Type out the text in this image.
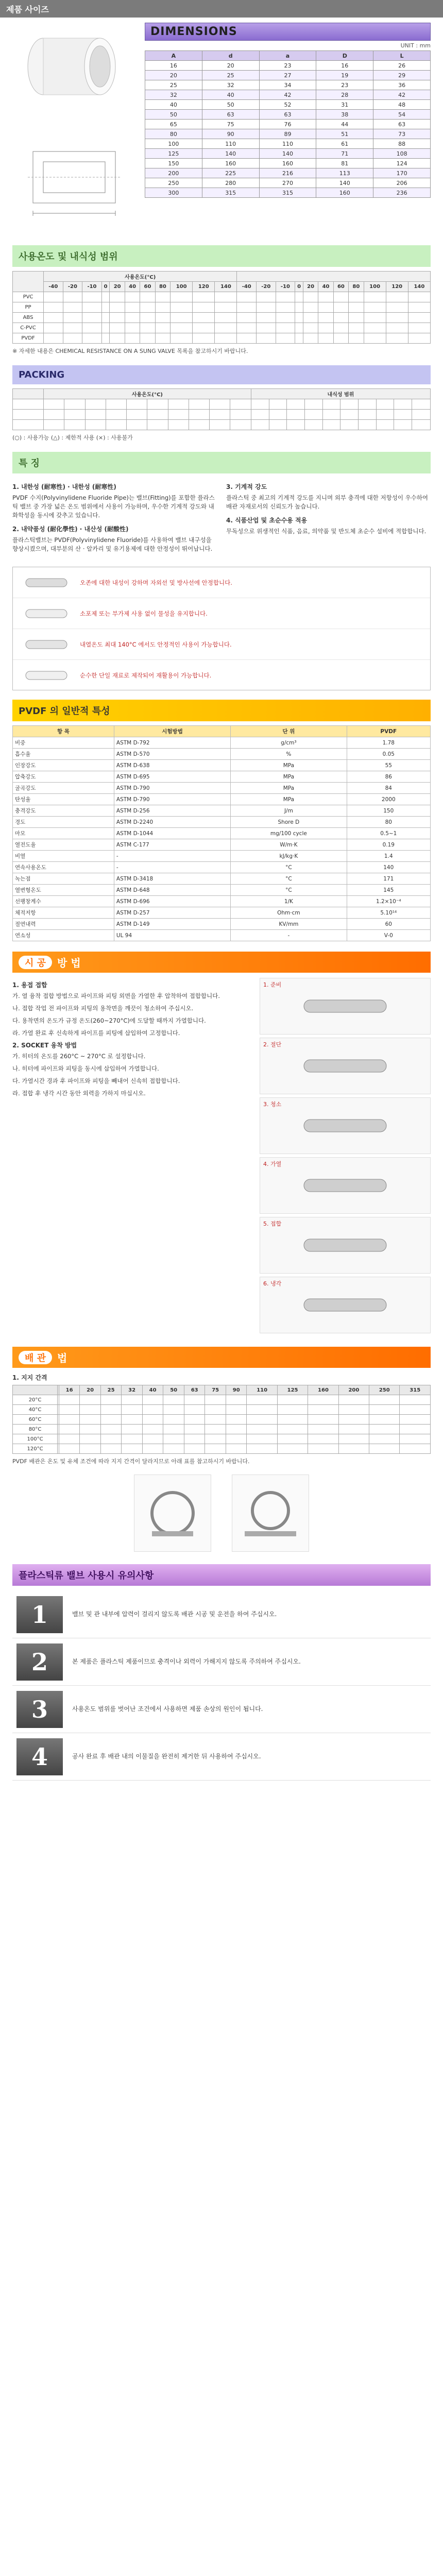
제품 사이즈
DIMENSIONS
UNIT : mm
A	d	a	D	L
16	20	23	16	26
20	25	27	19	29
25	32	34	23	36
32	40	42	28	42
40	50	52	31	48
50	63	63	38	54
65	75	76	44	63
80	90	89	51	73
100	110	110	61	88
125	140	140	71	108
150	160	160	81	124
200	225	216	113	170
250	280	270	140	206
300	315	315	160	236
사용온도 및 내식성 범위
	사용온도(°C)																					
	-40	-20	-10	0	20	40	60	80	100	120	140	-40	-20	-10	0	20	40	60	80	100	120	140
PVC																						
PP																						
ABS																						
C-PVC																						
PVDF																						
※ 자세한 내용은 CHEMICAL RESISTANCE ON A SUNG VALVE 목록을 참고하시기 바랍니다.
PACKING
	사용온도(°C)										내식성 범위									

(○) : 사용가능 (△) : 제한적 사용 (×) : 사용불가
특 징
1. 내한성 (耐寒性) · 내한성 (耐寒性)

PVDF 수지(Polyvinylidene Fluoride Pipe)는 밸브(Fitting)를 포함한 플라스틱 밸브 중 가장 넓은 온도 범위에서 사용이 가능하며, 우수한 기계적 강도와 내화학성을 동시에 갖추고 있습니다.

2. 내약품성 (耐化學性) · 내산성 (耐酸性)

플라스틱밸브는 PVDF(Polyvinylidene Fluoride)를 사용하여 밸브 내구성을 향상시켰으며, 대부분의 산 · 알카리 및 유기용제에 대한 안정성이 뛰어납니다.

3. 기계적 강도

플라스틱 중 최고의 기계적 강도를 지니며 외부 충격에 대한 저항성이 우수하여 배관 자재로서의 신뢰도가 높습니다.

4. 식품산업 및 초순수용 적용

무독성으로 위생적인 식품, 음료, 의약품 및 반도체 초순수 설비에 적합합니다.

오존에 대한 내성이 강하며 자외선 및 방사선에 안정합니다.
소포제 또는 부가제 사용 없이 물성을 유지합니다.
내열온도 최대 140°C 에서도 안정적인 사용이 가능합니다.
순수한 단일 재료로 제작되어 재활용이 가능합니다.
PVDF 의 일반적 특성
항 목	시험방법	단 위	PVDF
비중	ASTM D-792	g/cm³	1.78
흡수율	ASTM D-570	%	0.05
인장강도	ASTM D-638	MPa	55
압축강도	ASTM D-695	MPa	86
굴곡강도	ASTM D-790	MPa	84
탄성율	ASTM D-790	MPa	2000
충격강도	ASTM D-256	J/m	150
경도	ASTM D-2240	Shore D	80
마모	ASTM D-1044	mg/100 cycle	0.5~1
열전도율	ASTM C-177	W/m·K	0.19
비열	-	kJ/kg·K	1.4
연속사용온도	-	°C	140
녹는점	ASTM D-3418	°C	171
열변형온도	ASTM D-648	°C	145
선팽창계수	ASTM D-696	1/K	1.2×10⁻⁴
체적저항	ASTM D-257	Ohm·cm	5.10¹⁴
절연내력	ASTM D-149	KV/mm	60
연소성	UL 94	-	V-0
시 공	방 법
1. 용접 접합

가. 열 융착 접합 방법으로 파이프와 피팅 외면을 가열한 후 압착하여 접합합니다.

나. 접합 작업 전 파이프와 피팅의 용착면을 깨끗이 청소하여 주십시오.

다. 용착면의 온도가 규정 온도(260~270°C)에 도달할 때까지 가열합니다.

라. 가열 완료 후 신속하게 파이프를 피팅에 삽입하여 고정합니다.

2. SOCKET 융착 방법

가. 히터의 온도를 260°C ~ 270°C 로 설정합니다.

나. 히터에 파이프와 피팅을 동시에 삽입하여 가열합니다.

다. 가열시간 경과 후 파이프와 피팅을 빼내어 신속히 접합합니다.

라. 접합 후 냉각 시간 동안 외력을 가하지 마십시오.

1. 준비
2. 절단
3. 청소
4. 가열
5. 접합
6. 냉각
배 관	법
1. 지지 간격
		16	20	25	32	40	50	63	75	90	110	125	160	200	250	315
20°C																
40°C																
60°C																
80°C																
100°C																
120°C																
PVDF 배관은 온도 및 유체 조건에 따라 지지 간격이 달라지므로 아래 표를 참고하시기 바랍니다.
플라스틱류 밸브 사용시 유의사항
1	밸브 및 관 내부에 압력이 걸리지 않도록 배관 시공 및 운전을 하여 주십시오.
2	본 제품은 플라스틱 제품이므로 충격이나 외력이 가해지지 않도록 주의하여 주십시오.
3	사용온도 범위를 벗어난 조건에서 사용하면 제품 손상의 원인이 됩니다.
4	공사 완료 후 배관 내의 이물질을 완전히 제거한 뒤 사용하여 주십시오.
